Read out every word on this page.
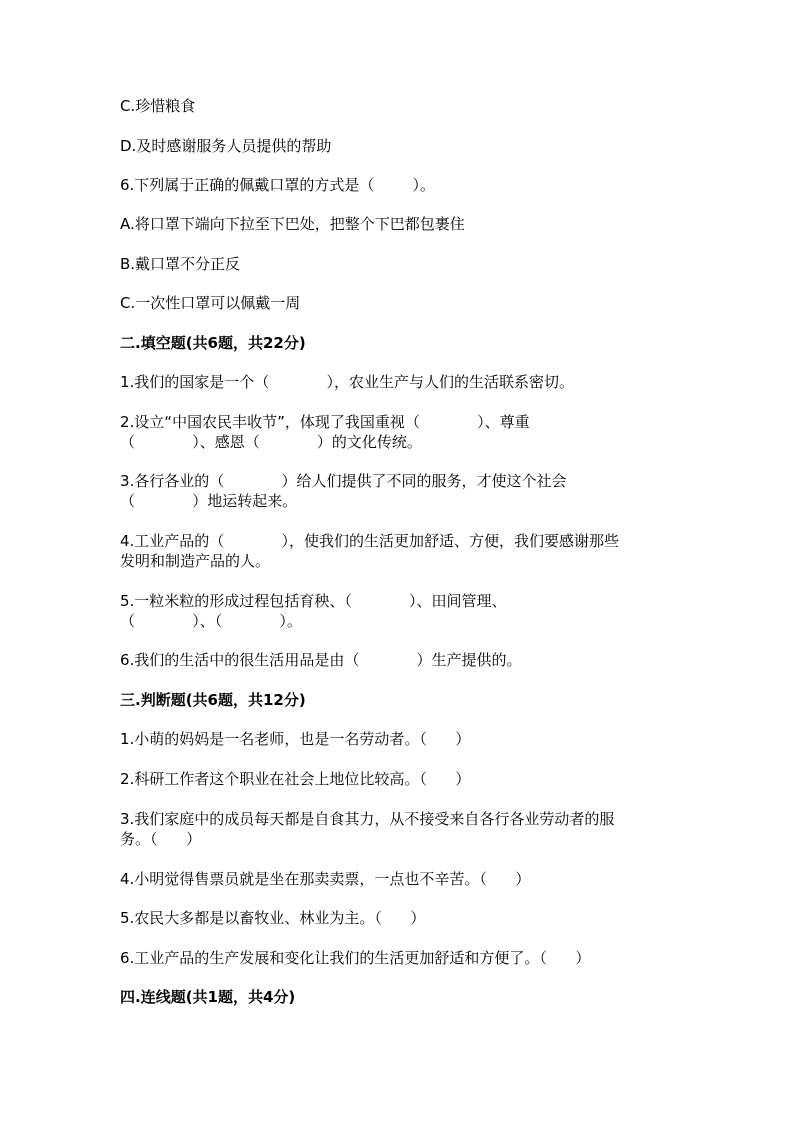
C.珍惜粮食

D.及时感谢服务人员提供的帮助

6.下列属于正确的佩戴口罩的方式是（        ）。

A.将口罩下端向下拉至下巴处，把整个下巴都包裹住

B.戴口罩不分正反

C.一次性口罩可以佩戴一周

二.填空题(共6题，共22分)

1.我们的国家是一个（            ），农业生产与人们的生活联系密切。

2.设立“中国农民丰收节”，体现了我国重视（            ）、尊重

（            ）、感恩（            ）的文化传统。

3.各行各业的（            ）给人们提供了不同的服务，才使这个社会

（            ）地运转起来。

4.工业产品的（            ），使我们的生活更加舒适、方便，我们要感谢那些

发明和制造产品的人。

5.一粒米粒的形成过程包括育秧、（            ）、田间管理、

（            ）、（            ）。

6.我们的生活中的很生活用品是由（            ）生产提供的。

三.判断题(共6题，共12分)

1.小萌的妈妈是一名老师，也是一名劳动者。（      ）

2.科研工作者这个职业在社会上地位比较高。（      ）

3.我们家庭中的成员每天都是自食其力，从不接受来自各行各业劳动者的服

务。（      ）

4.小明觉得售票员就是坐在那卖卖票，一点也不辛苦。（      ）

5.农民大多都是以畜牧业、林业为主。（      ）

6.工业产品的生产发展和变化让我们的生活更加舒适和方便了。（      ）

四.连线题(共1题，共4分)
